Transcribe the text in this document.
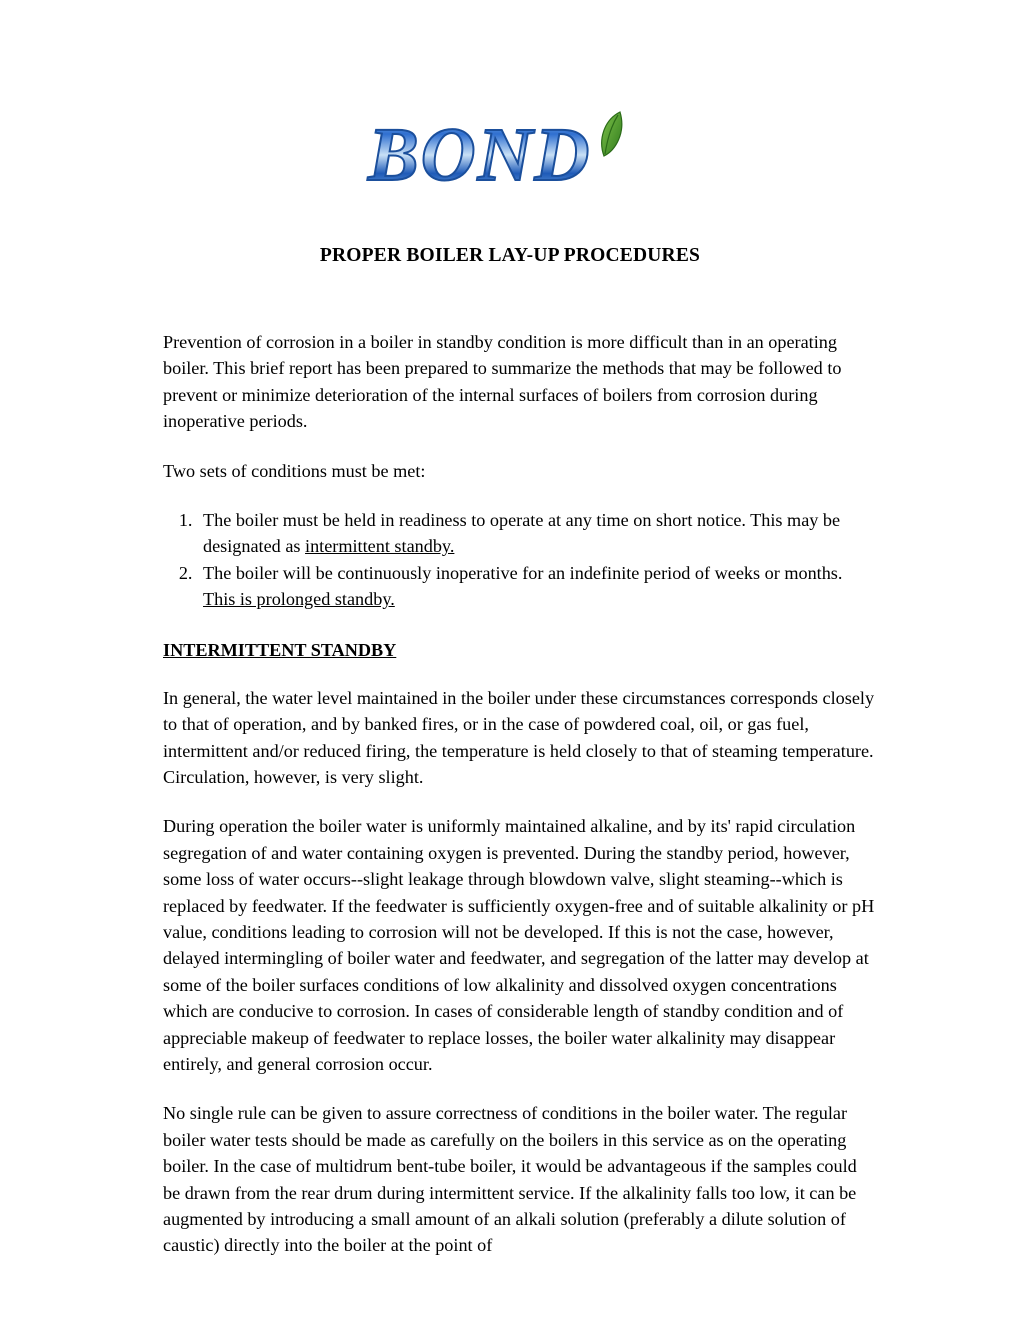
BOND
PROPER BOILER LAY-UP PROCEDURES

Prevention of corrosion in a boiler in standby condition is more difficult than in an operating boiler. This brief report has been prepared to summarize the methods that may be followed to prevent or minimize deterioration of the internal surfaces of boilers from corrosion during inoperative periods.

Two sets of conditions must be met:

1. The boiler must be held in readiness to operate at any time on short notice. This may be designated as intermittent standby.
2. The boiler will be continuously inoperative for an indefinite period of weeks or months. This is prolonged standby.
INTERMITTENT STANDBY

In general, the water level maintained in the boiler under these circumstances corresponds closely to that of operation, and by banked fires, or in the case of powdered coal, oil, or gas fuel, intermittent and/or reduced firing, the temperature is held closely to that of steaming temperature. Circulation, however, is very slight.

During operation the boiler water is uniformly maintained alkaline, and by its' rapid circulation segregation of and water containing oxygen is prevented. During the standby period, however, some loss of water occurs--slight leakage through blowdown valve, slight steaming--which is replaced by feedwater. If the feedwater is sufficiently oxygen-free and of suitable alkalinity or pH value, conditions leading to corrosion will not be developed. If this is not the case, however, delayed intermingling of boiler water and feedwater, and segregation of the latter may develop at some of the boiler surfaces conditions of low alkalinity and dissolved oxygen concentrations which are conducive to corrosion. In cases of considerable length of standby condition and of appreciable makeup of feedwater to replace losses, the boiler water alkalinity may disappear entirely, and general corrosion occur.

No single rule can be given to assure correctness of conditions in the boiler water. The regular boiler water tests should be made as carefully on the boilers in this service as on the operating boiler. In the case of multidrum bent-tube boiler, it would be advantageous if the samples could be drawn from the rear drum during intermittent service. If the alkalinity falls too low, it can be augmented by introducing a small amount of an alkali solution (preferably a dilute solution of caustic) directly into the boiler at the point of
